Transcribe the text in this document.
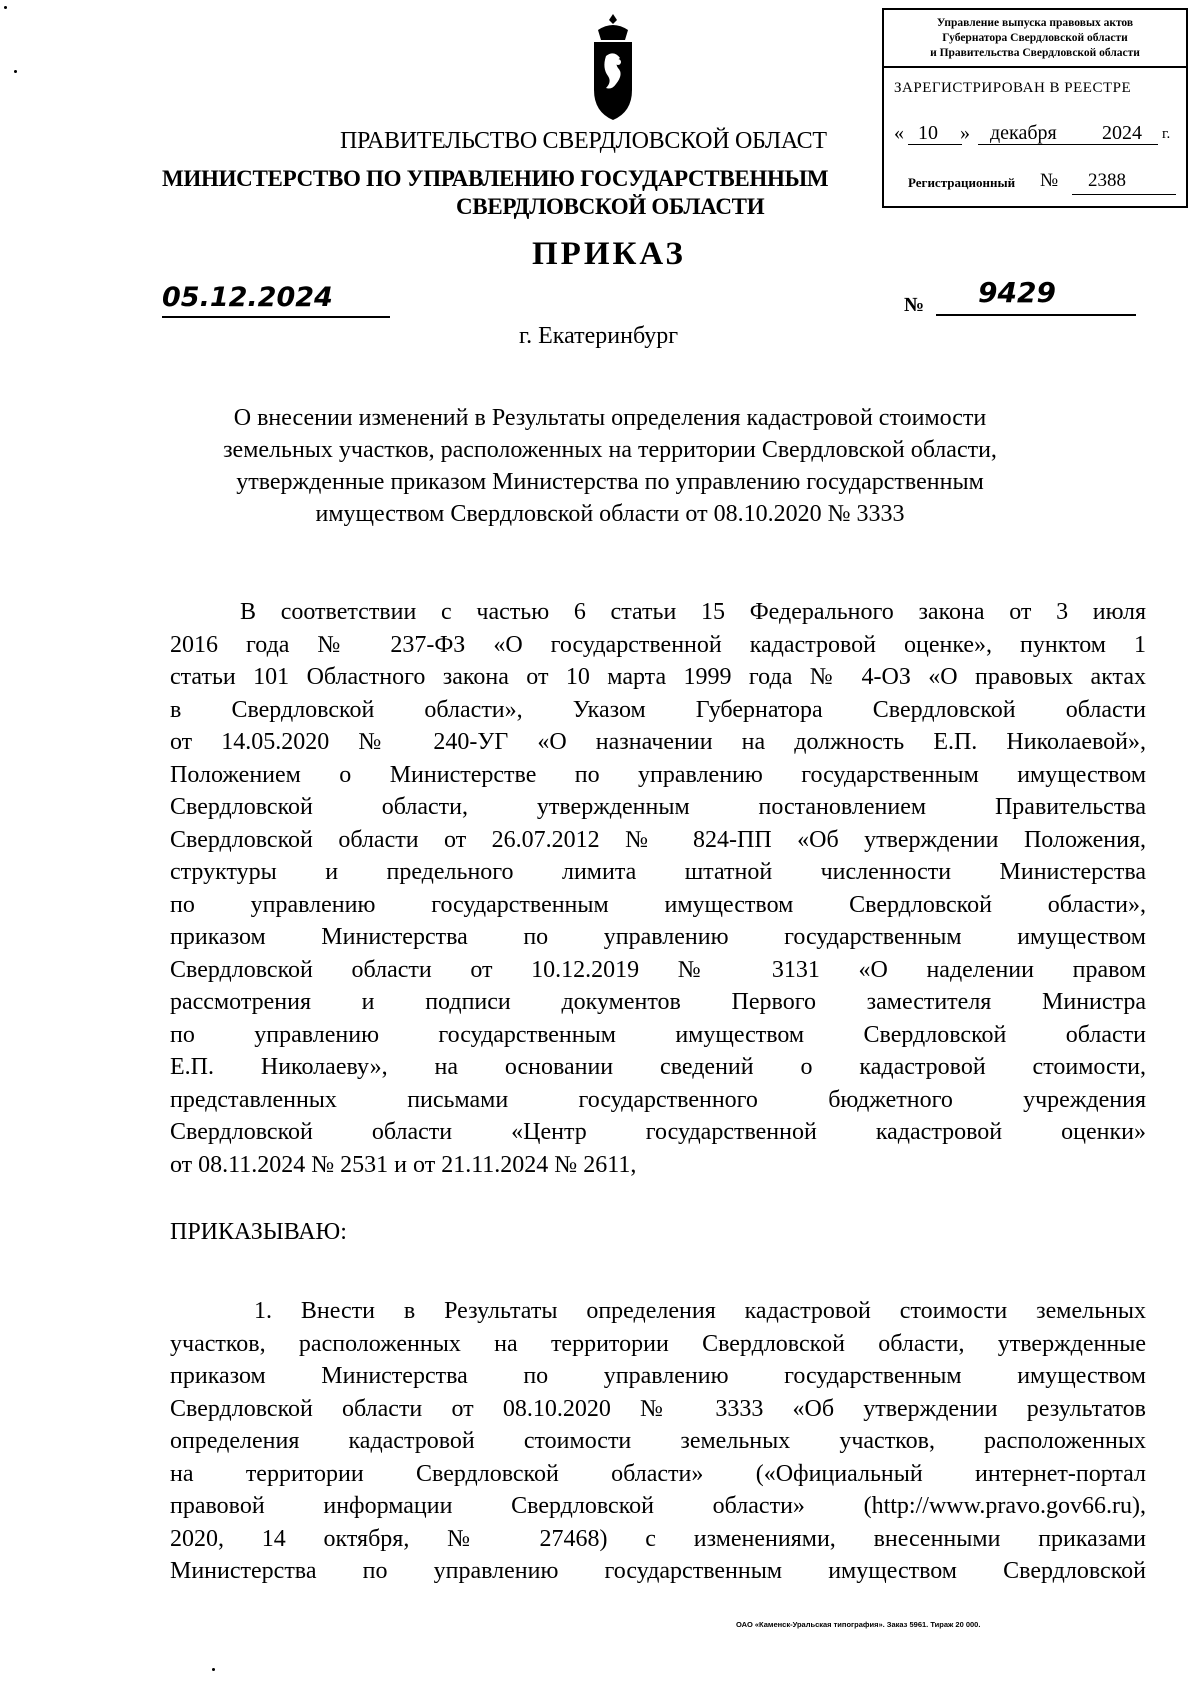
Управление выпуска правовых актов
Губернатора Свердловской области
и Правительства Свердловской области
ЗАРЕГИСТРИРОВАН В РЕЕСТРЕ
« 10 » декабря 2024 г.
Регистрационный № 2388
ПРАВИТЕЛЬСТВО СВЕРДЛОВСКОЙ ОБЛАСТ
МИНИСТЕРСТВО ПО УПРАВЛЕНИЮ ГОСУДАРСТВЕННЫМ
СВЕРДЛОВСКОЙ ОБЛАСТИ
ПРИКАЗ
05.12.2024	№	9429
г. Екатеринбург
О внесении изменений в Результаты определения кадастровой стоимости
земельных участков, расположенных на территории Свердловской области,
утвержденные приказом Министерства по управлению государственным
имуществом Свердловской области от 08.10.2020 № 3333
В соответствии с частью 6 статьи 15 Федерального закона от 3 июля
2016 года № 237-ФЗ «О государственной кадастровой оценке», пунктом 1
статьи 101 Областного закона от 10 марта 1999 года № 4-ОЗ «О правовых актах
в Свердловской области», Указом Губернатора Свердловской области
от 14.05.2020 № 240-УГ «О назначении на должность Е.П. Николаевой»,
Положением о Министерстве по управлению государственным имуществом
Свердловской области, утвержденным постановлением Правительства
Свердловской области от 26.07.2012 № 824-ПП «Об утверждении Положения,
структуры и предельного лимита штатной численности Министерства
по управлению государственным имуществом Свердловской области»,
приказом Министерства по управлению государственным имуществом
Свердловской области от 10.12.2019 № 3131 «О наделении правом
рассмотрения и подписи документов Первого заместителя Министра
по управлению государственным имуществом Свердловской области
Е.П. Николаеву», на основании сведений о кадастровой стоимости,
представленных письмами государственного бюджетного учреждения
Свердловской области «Центр государственной кадастровой оценки»
от 08.11.2024 № 2531 и от 21.11.2024 № 2611,
ПРИКАЗЫВАЮ:
1. Внести в Результаты определения кадастровой стоимости земельных
участков, расположенных на территории Свердловской области, утвержденные
приказом Министерства по управлению государственным имуществом
Свердловской области от 08.10.2020 № 3333 «Об утверждении результатов
определения кадастровой стоимости земельных участков, расположенных
на территории Свердловской области» («Официальный интернет-портал
правовой информации Свердловской области» (http://www.pravo.gov66.ru),
2020, 14 октября, № 27468) с изменениями, внесенными приказами
Министерства по управлению государственным имуществом Свердловской
ОАО «Каменск-Уральская типография». Заказ 5961. Тираж 20 000.
